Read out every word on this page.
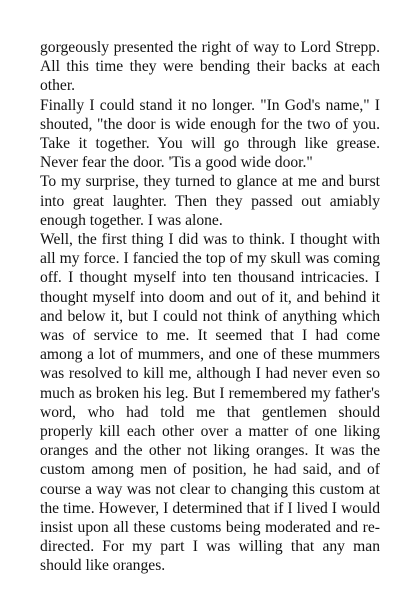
gorgeously presented the right of way to Lord Strepp. All this time they were bending their backs at each other.

Finally I could stand it no longer. "In God's name," I shouted, "the door is wide enough for the two of you. Take it together. You will go through like grease. Never fear the door. 'Tis a good wide door."

To my surprise, they turned to glance at me and burst into great laughter. Then they passed out amiably enough together. I was alone.

Well, the first thing I did was to think. I thought with all my force. I fancied the top of my skull was coming off. I thought myself into ten thousand intricacies. I thought myself into doom and out of it, and behind it and below it, but I could not think of anything which was of service to me. It seemed that I had come among a lot of mummers, and one of these mummers was resolved to kill me, although I had never even so much as broken his leg. But I remembered my father's word, who had told me that gentlemen should properly kill each other over a matter of one liking oranges and the other not liking oranges. It was the custom among men of position, he had said, and of course a way was not clear to changing this custom at the time. However, I determined that if I lived I would insist upon all these customs being moderated and re-directed. For my part I was willing that any man should like oranges.
